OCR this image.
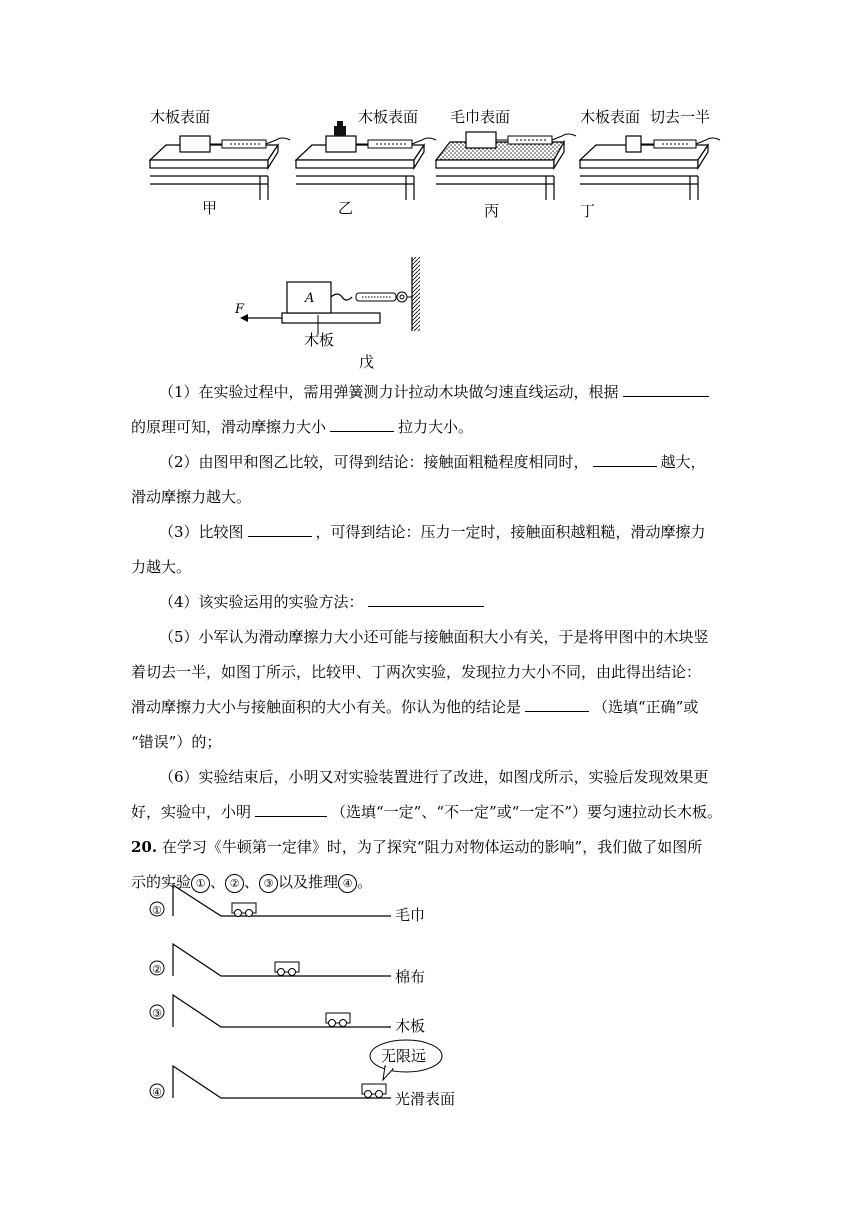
木板表面
甲
木板表面
乙
毛巾表面
丙
木板表面 切去一半
丁
A
F
木板
戊

（1）在实验过程中，需用弹簧测力计拉动木块做匀速直线运动，根据
的原理可知，滑动摩擦力大小	拉力大小。

（2）由图甲和图乙比较，可得到结论：接触面粗糙程度相同时，	越大，
滑动摩擦力越大。

（3）比较图	，可得到结论：压力一定时，接触面积越粗糙，滑动摩擦力
力越大。

（4）该实验运用的实验方法：

（5）小军认为滑动摩擦力大小还可能与接触面积大小有关，于是将甲图中的木块竖
着切去一半，如图丁所示，比较甲、丁两次实验，发现拉力大小不同，由此得出结论：
滑动摩擦力大小与接触面积的大小有关。你认为他的结论是	（选填“正确”或
“错误”）的；

（6）实验结束后，小明又对实验装置进行了改进，如图戊所示，实验后发现效果更
好，实验中，小明	（选填“一定”、“不一定”或“一定不”）要匀速拉动长木板。

20. 在学习《牛顿第一定律》时，为了探究“阻力对物体运动的影响”，我们做了如图所
示的实验 ① 、 ② 、 ③ 以及推理 ④ 。

①	毛巾
②	棉布
③
木板
④	光滑表面
无限远
